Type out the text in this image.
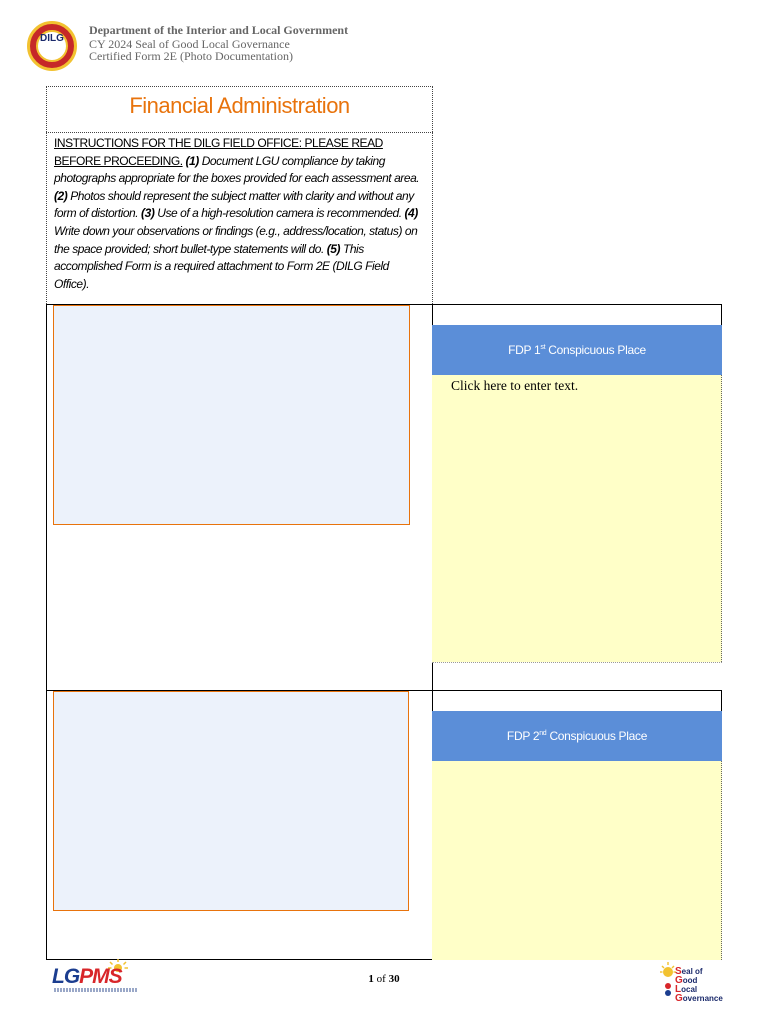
DILG
Department of the Interior and Local Government
CY 2024 Seal of Good Local Governance
Certified Form 2E (Photo Documentation)
Financial Administration
INSTRUCTIONS FOR THE DILG FIELD OFFICE: PLEASE READ BEFORE PROCEEDING. (1) Document LGU compliance by taking photographs appropriate for the boxes provided for each assessment area. (2) Photos should represent the subject matter with clarity and without any form of distortion. (3) Use of a high-resolution camera is recommended. (4) Write down your observations or findings (e.g., address/location, status) on the space provided; short bullet-type statements will do. (5) This accomplished Form is a required attachment to Form 2E (DILG Field Office).
FDP 1st Conspicuous Place
Click here to enter text.
FDP 2nd Conspicuous Place
LGPMS	1 of 30
Seal of
Good
Local
Governance
